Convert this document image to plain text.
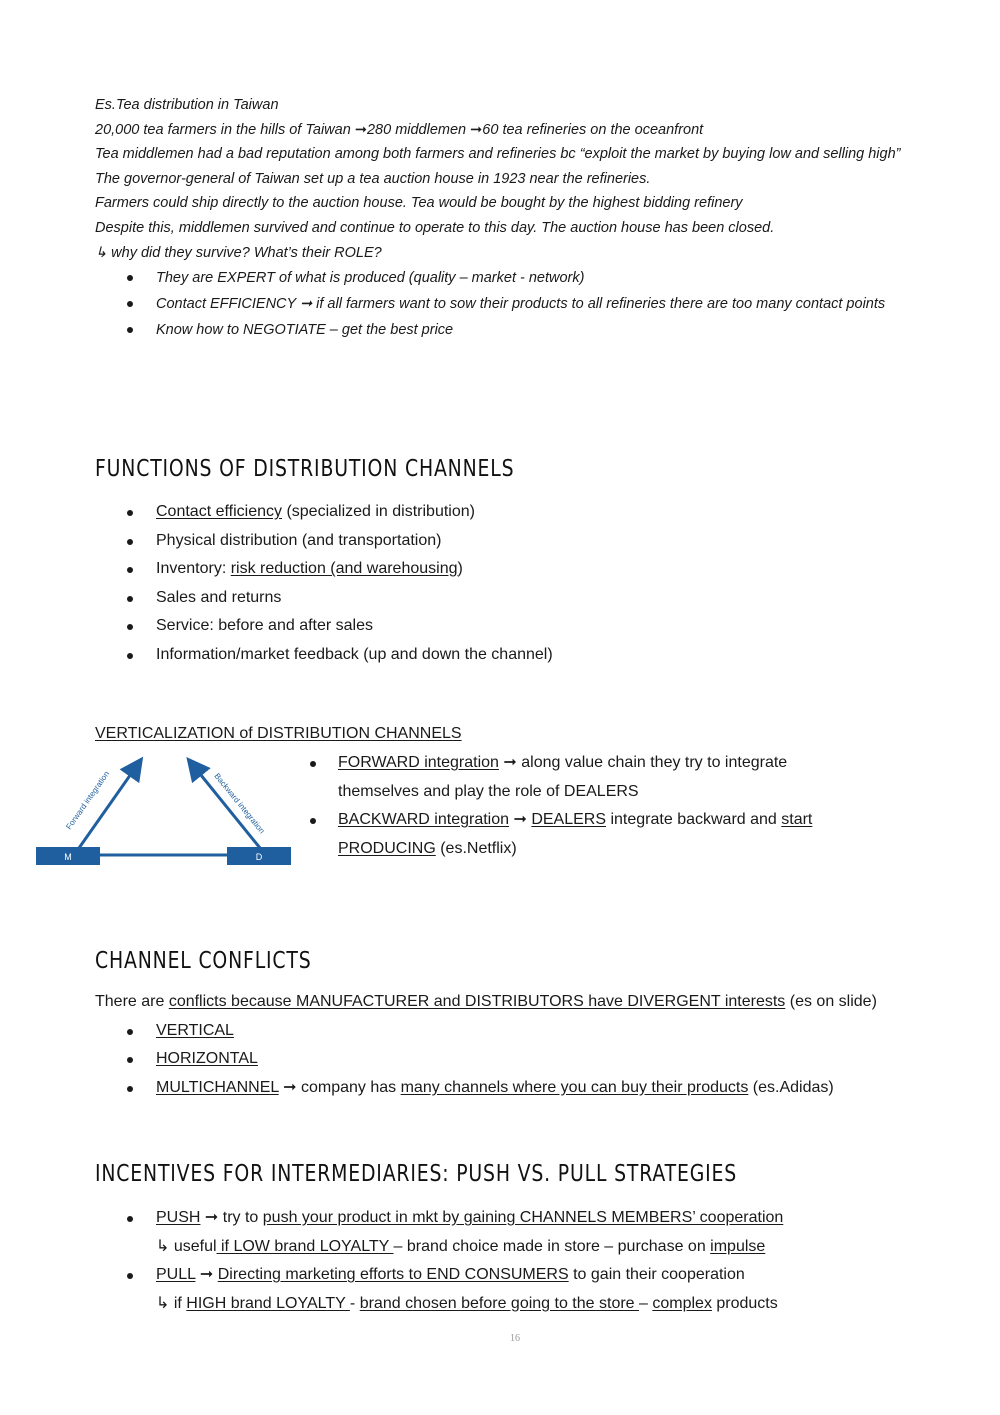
Es.Tea distribution in Taiwan

20,000 tea farmers in the hills of Taiwan ➞280 middlemen ➞60 tea refineries on the oceanfront

Tea middlemen had a bad reputation among both farmers and refineries bc “exploit the market by buying low and selling high”

The governor-general of Taiwan set up a tea auction house in 1923 near the refineries.

Farmers could ship directly to the auction house. Tea would be bought by the highest bidding refinery

Despite this, middlemen survived and continue to operate to this day. The auction house has been closed.

↳ why did they survive? What’s their ROLE?

They are EXPERT of what is produced (quality – market - network)
Contact EFFICIENCY ➞ if all farmers want to sow their products to all refineries there are too many contact points
Know how to NEGOTIATE – get the best price
FUNCTIONS OF DISTRIBUTION CHANNELS
Contact efficiency (specialized in distribution)
Physical distribution (and transportation)
Inventory: risk reduction (and warehousing)
Sales and returns
Service: before and after sales
Information/market feedback (up and down the channel)
VERTICALIZATION of DISTRIBUTION CHANNELS
M	D
Forward integration	Backward integration
FORWARD integration ➞ along value chain they try to integrate themselves and play the role of DEALERS
BACKWARD integration ➞ DEALERS integrate backward and start PRODUCING (es.Netflix)
CHANNEL CONFLICTS
There are conflicts because MANUFACTURER and DISTRIBUTORS have DIVERGENT interests (es on slide)
VERTICAL
HORIZONTAL
MULTICHANNEL ➞ company has many channels where you can buy their products (es.Adidas)
INCENTIVES FOR INTERMEDIARIES: PUSH VS. PULL STRATEGIES
PUSH ➞ try to push your product in mkt by gaining CHANNELS MEMBERS’ cooperation
↳ useful if LOW brand LOYALTY – brand choice made in store – purchase on impulse
PULL ➞ Directing marketing efforts to END CONSUMERS to gain their cooperation
↳ if HIGH brand LOYALTY - brand chosen before going to the store – complex products
16
